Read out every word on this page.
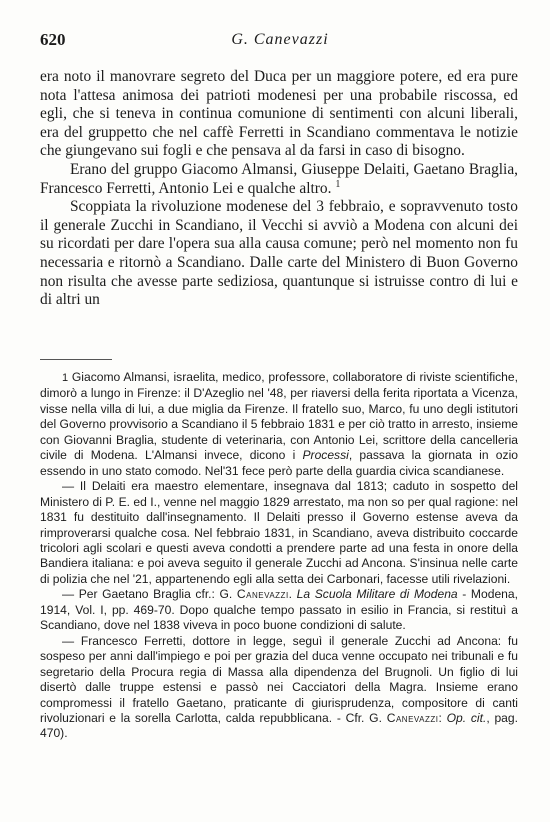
620	G. Canevazzi

era noto il manovrare segreto del Duca per un maggiore potere, ed era pure nota l'attesa animosa dei patrioti modenesi per una probabile riscossa, ed egli, che si teneva in continua comunione di sentimenti con alcuni liberali, era del gruppetto che nel caffè Ferretti in Scandiano commentava le notizie che giungevano sui fogli e che pensava al da farsi in caso di bisogno.

Erano del gruppo Giacomo Almansi, Giuseppe Delaiti, Gaetano Braglia, Francesco Ferretti, Antonio Lei e qualche altro. $^1$

Scoppiata la rivoluzione modenese del 3 febbraio, e sopravvenuto tosto il generale Zucchi in Scandiano, il Vecchi si avviò a Modena con alcuni dei su ricordati per dare l'opera sua alla causa comune; però nel momento non fu necessaria e ritornò a Scandiano. Dalle carte del Ministero di Buon Governo non risulta che avesse parte sediziosa, quantunque si istruisse contro di lui e di altri un

1 Giacomo Almansi, israelita, medico, professore, collaboratore di riviste scientifiche, dimorò a lungo in Firenze: il D'Azeglio nel '48, per riaversi della ferita riportata a Vicenza, visse nella villa di lui, a due miglia da Firenze. Il fratello suo, Marco, fu uno degli istitutori del Governo provvisorio a Scandiano il 5 febbraio 1831 e per ciò tratto in arresto, insieme con Giovanni Braglia, studente di veterinaria, con Antonio Lei, scrittore della cancelleria civile di Modena. L'Almansi invece, dicono i Processi, passava la giornata in ozio essendo in uno stato comodo. Nel'31 fece però parte della guardia civica scandianese.

— Il Delaiti era maestro elementare, insegnava dal 1813; caduto in sospetto del Ministero di P. E. ed I., venne nel maggio 1829 arrestato, ma non so per qual ragione: nel 1831 fu destituito dall'insegnamento. Il Delaiti presso il Governo estense aveva da rimproverarsi qualche cosa. Nel febbraio 1831, in Scandiano, aveva distribuito coccarde tricolori agli scolari e questi aveva condotti a prendere parte ad una festa in onore della Bandiera italiana: e poi aveva seguito il generale Zucchi ad Ancona. S'insinua nelle carte di polizia che nel '21, appartenendo egli alla setta dei Carbonari, facesse utili rivelazioni.

— Per Gaetano Braglia cfr.: G. Canevazzi. La Scuola Militare di Modena - Modena, 1914, Vol. I, pp. 469-70. Dopo qualche tempo passato in esilio in Francia, si restituì a Scandiano, dove nel 1838 viveva in poco buone condizioni di salute.

— Francesco Ferretti, dottore in legge, seguì il generale Zucchi ad Ancona: fu sospeso per anni dall'impiego e poi per grazia del duca venne occupato nei tribunali e fu segretario della Procura regia di Massa alla dipendenza del Brugnoli. Un figlio di lui disertò dalle truppe estensi e passò nei Cacciatori della Magra. Insieme erano compromessi il fratello Gaetano, praticante di giurisprudenza, compositore di canti rivoluzionari e la sorella Carlotta, calda repubblicana. - Cfr. G. Canevazzi: Op. cit., pag. 470).
